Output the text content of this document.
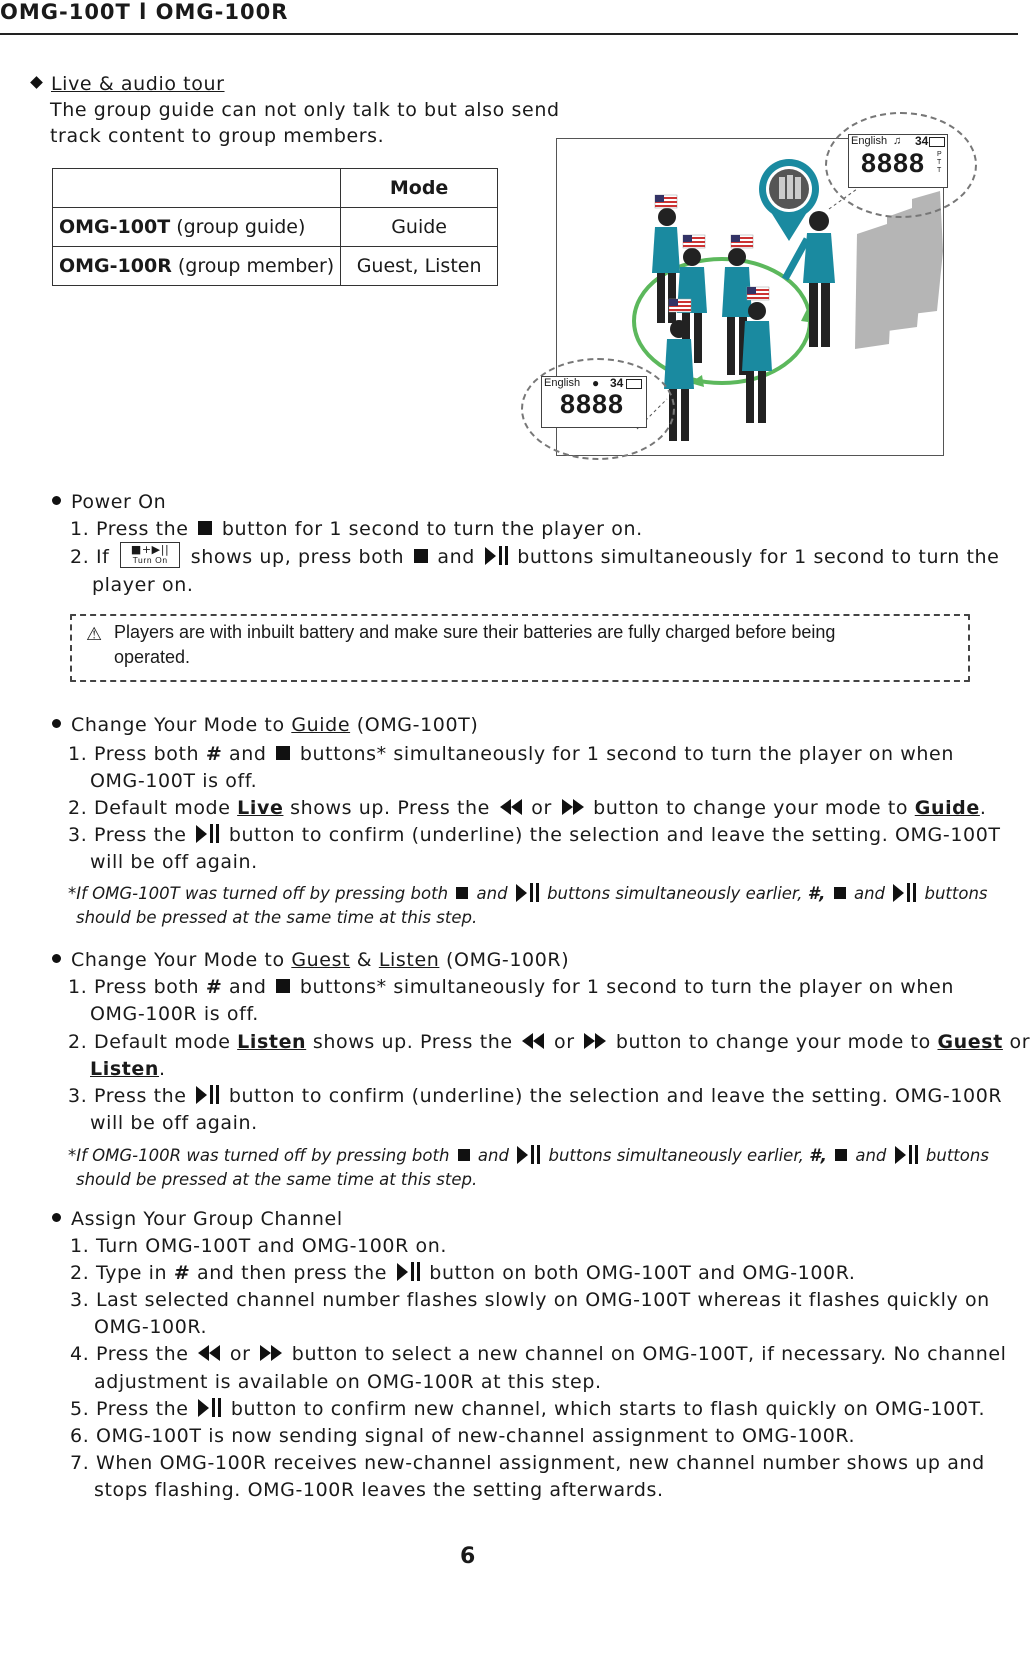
OMG-100T l OMG-100R
Live & audio tour
The group guide can not only talk to but also send
track content to group members.
	Mode
OMG-100T (group guide)	Guide
OMG-100R (group member)	Guest, Listen
English ♫ 34
8888 P T T
English ● 34
8888
Power On
1. Press the button for 1 second to turn the player on.
2. If	■+▶||
Turn On	shows up, press both and buttons simultaneously for 1 second to turn the
player on.
⚠ Players are with inbuilt battery and make sure their batteries are fully charged before being
operated.
Change Your Mode to Guide (OMG-100T)
1. Press both # and buttons* simultaneously for 1 second to turn the player on when
OMG-100T is off.
2. Default mode Live shows up. Press the or button to change your mode to Guide.
3. Press the button to confirm (underline) the selection and leave the setting. OMG-100T
will be off again.
*If OMG-100T was turned off by pressing both and buttons simultaneously earlier, #, and buttons
should be pressed at the same time at this step.
Change Your Mode to Guest & Listen (OMG-100R)
1. Press both # and buttons* simultaneously for 1 second to turn the player on when
OMG-100R is off.
2. Default mode Listen shows up. Press the or button to change your mode to Guest or
Listen.
3. Press the button to confirm (underline) the selection and leave the setting. OMG-100R
will be off again.
*If OMG-100R was turned off by pressing both and buttons simultaneously earlier, #, and buttons
should be pressed at the same time at this step.
Assign Your Group Channel
1. Turn OMG-100T and OMG-100R on.
2. Type in # and then press the button on both OMG-100T and OMG-100R.
3. Last selected channel number flashes slowly on OMG-100T whereas it flashes quickly on
OMG-100R.
4. Press the or button to select a new channel on OMG-100T, if necessary. No channel
adjustment is available on OMG-100R at this step.
5. Press the button to confirm new channel, which starts to flash quickly on OMG-100T.
6. OMG-100T is now sending signal of new-channel assignment to OMG-100R.
7. When OMG-100R receives new-channel assignment, new channel number shows up and
stops flashing. OMG-100R leaves the setting afterwards.
6
